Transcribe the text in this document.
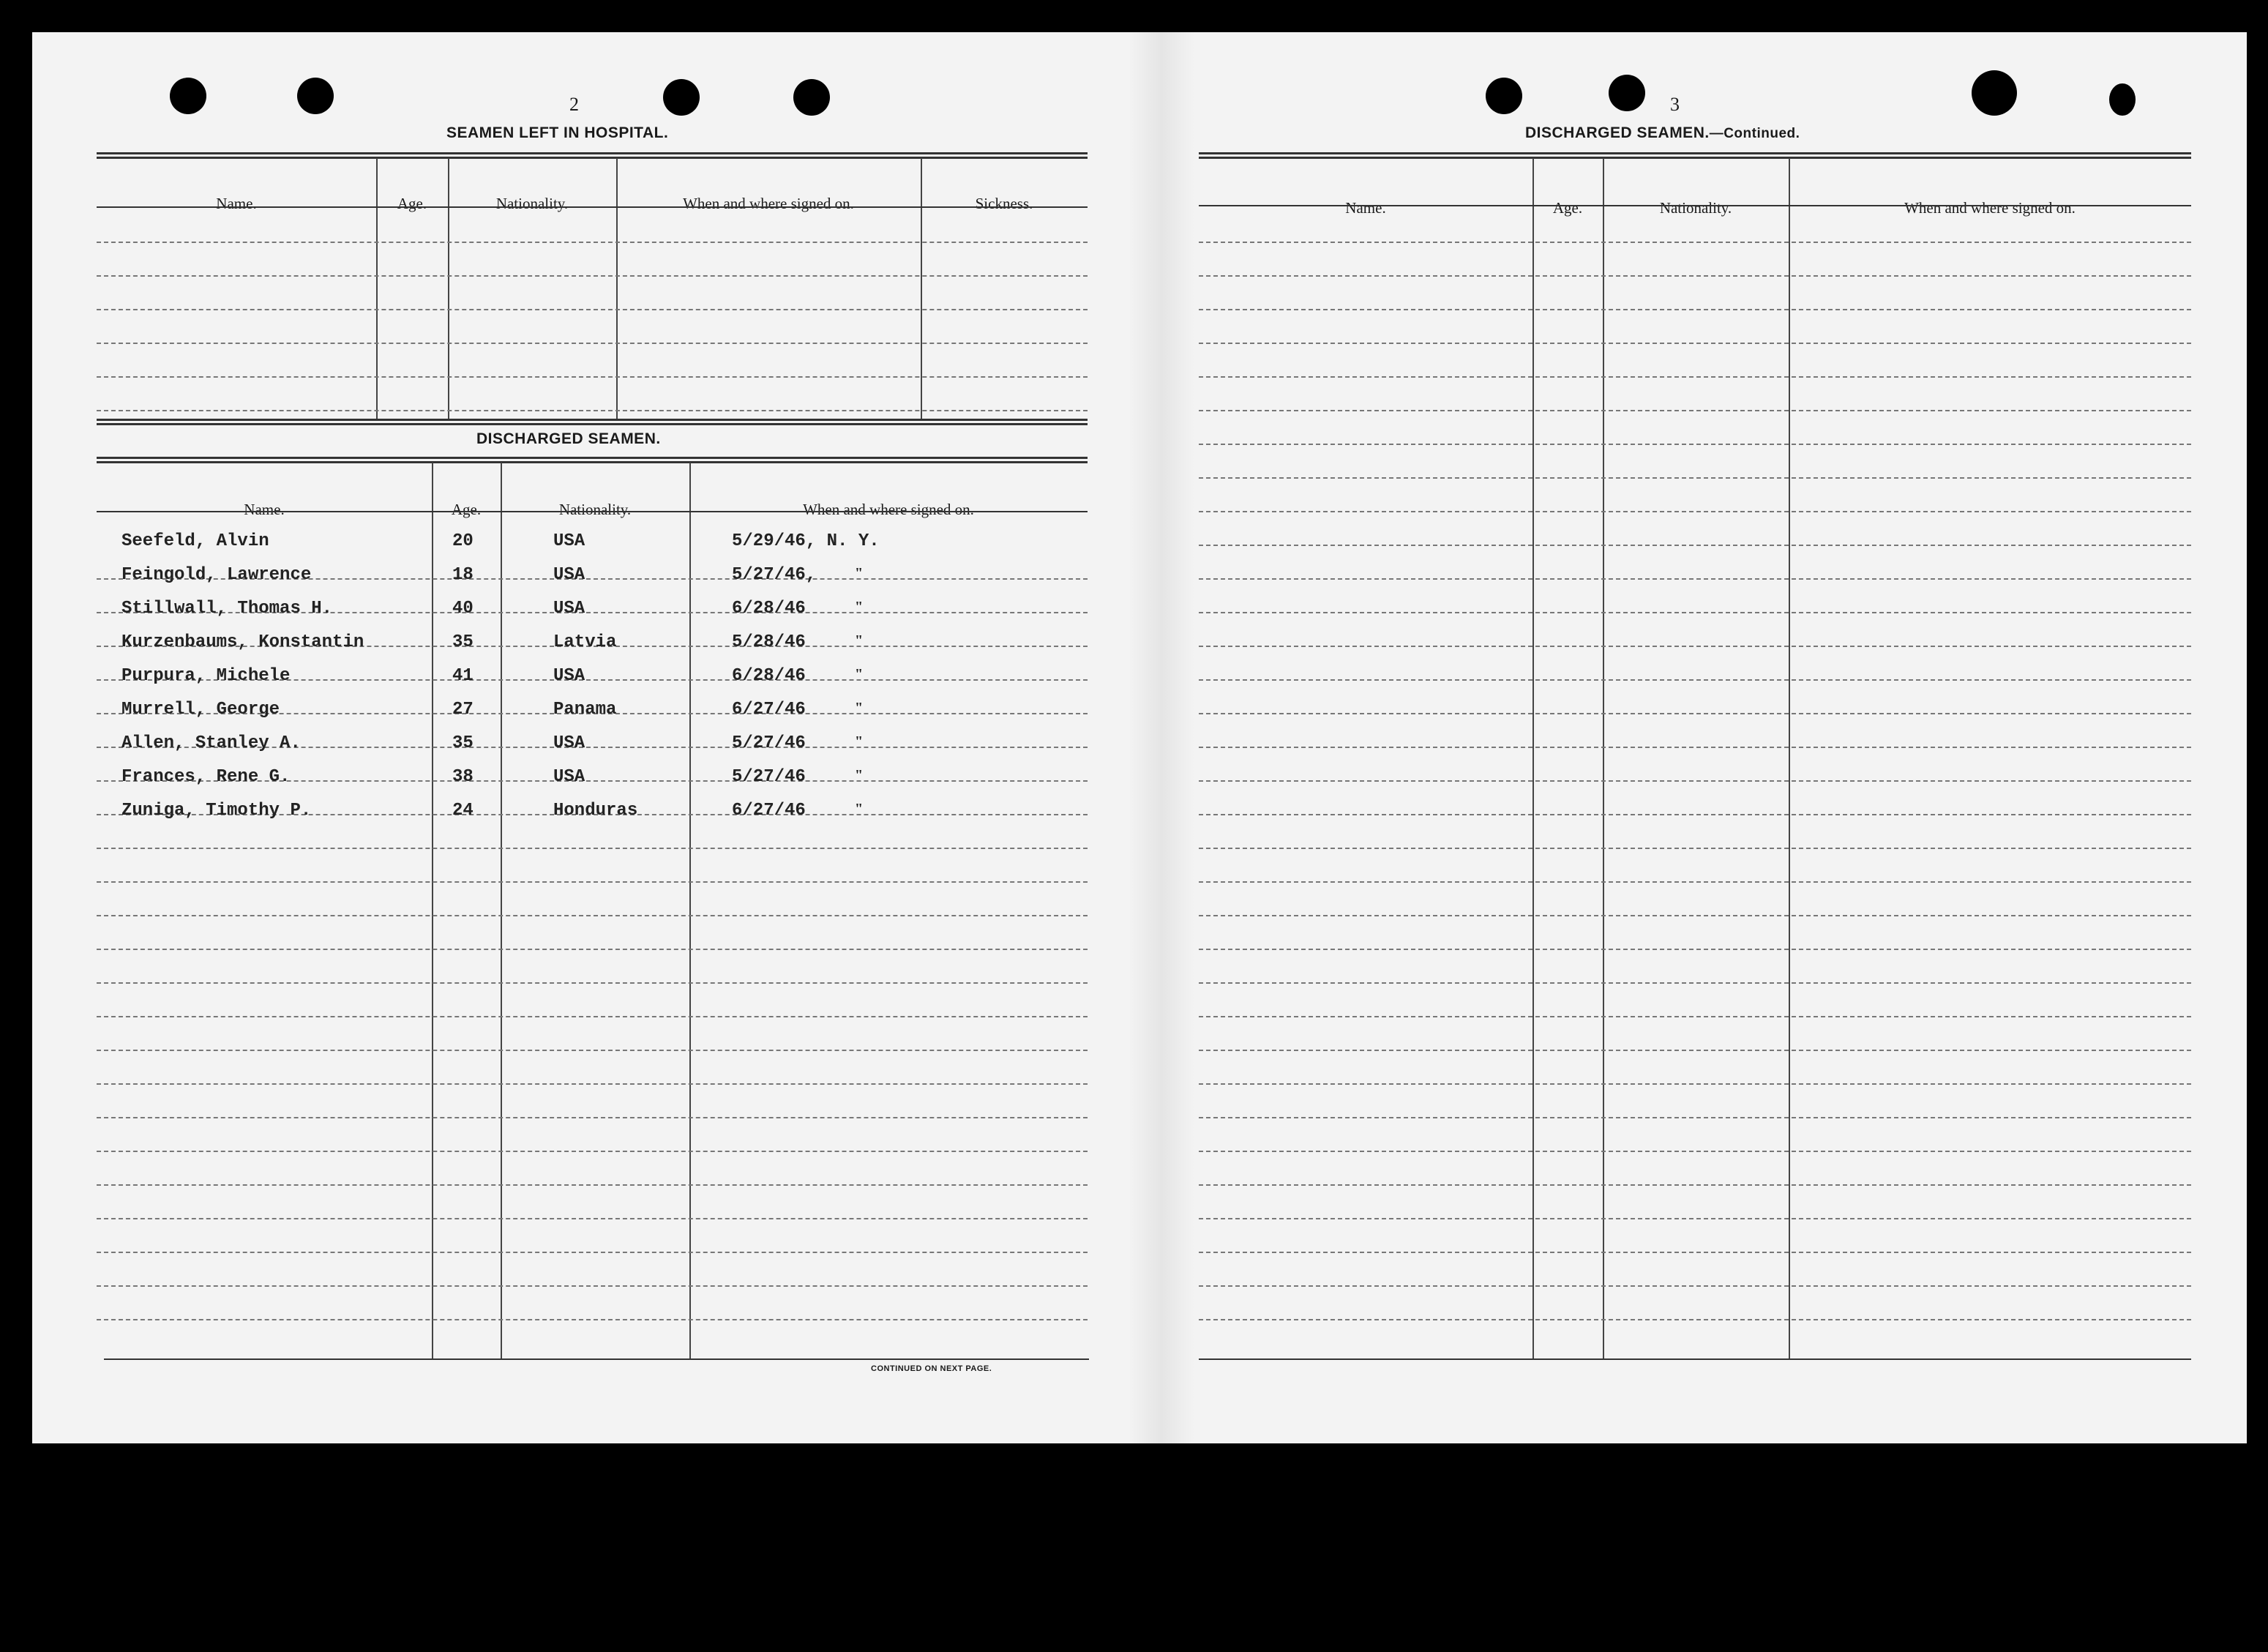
2
SEAMEN LEFT IN HOSPITAL.
Name.	Age.	Nationality.	When and where signed on.	Sickness.
DISCHARGED SEAMEN.
Name.	Age.	Nationality.	When and where signed on.
Seefeld, Alvin	20	USA	5/29/46, N. Y.
Feingold, Lawrence	18	USA	5/27/46,	"
Stillwall, Thomas H.	40	USA	6/28/46	"
Kurzenbaums, Konstantin	35	Latvia	5/28/46	"
Purpura, Michele	41	USA	6/28/46	"
Murrell, George	27	Panama	6/27/46	"
Allen, Stanley A.	35	USA	5/27/46	"
Frances, Rene G.	38	USA	5/27/46	"
Zuniga, Timothy P.	24	Honduras	6/27/46	"
CONTINUED ON NEXT PAGE.
3
DISCHARGED SEAMEN.—Continued.
Name.	Age.	Nationality.	When and where signed on.
